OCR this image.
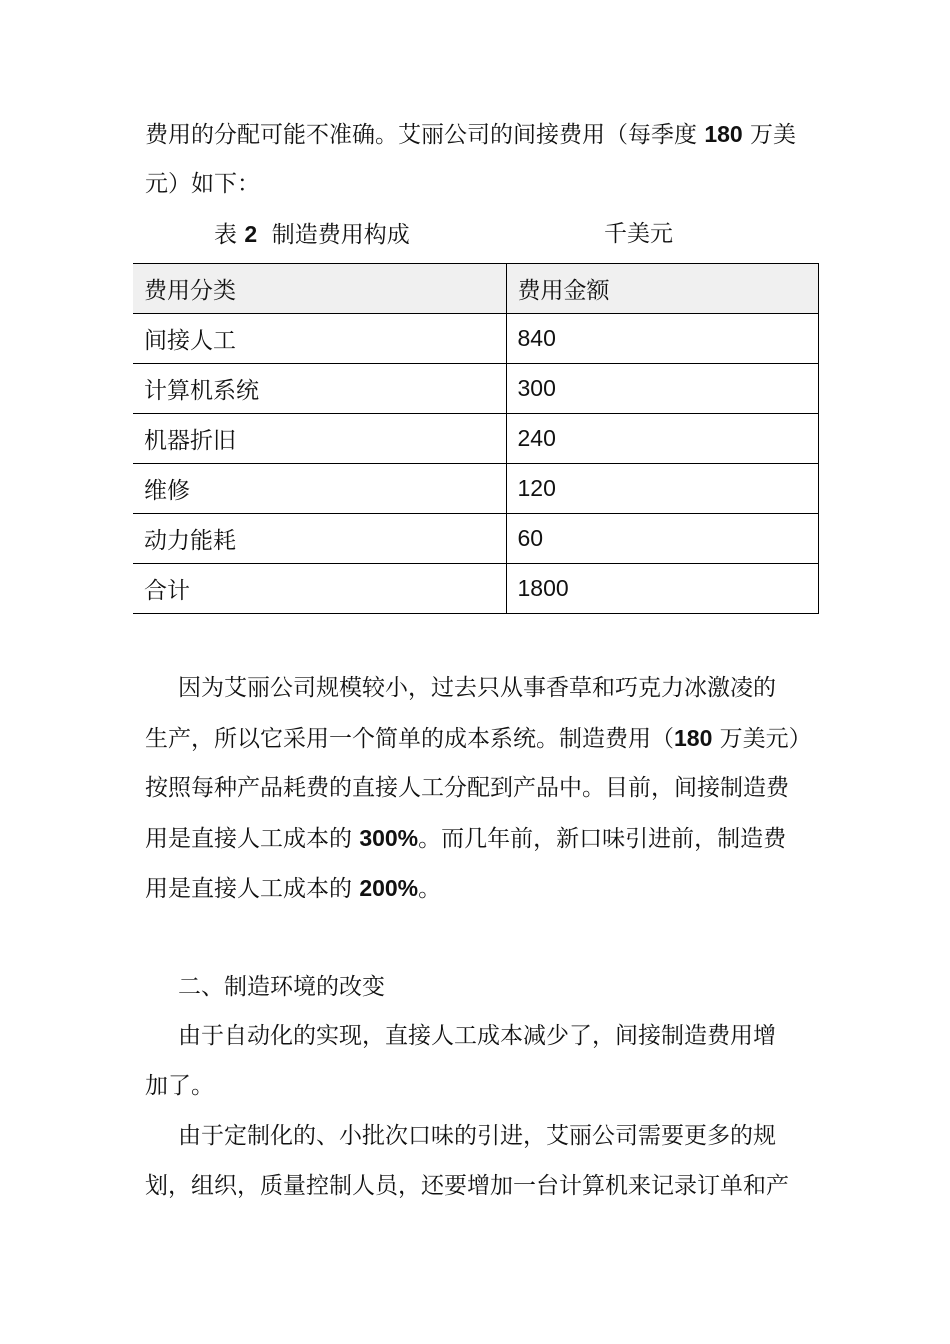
费用的分配可能不准确。艾丽公司的间接费用（每季度 180 万美

元）如下：

表 2  制造费用构成	千美元
费用分类	费用金额
间接人工	840
计算机系统	300
机器折旧	240
维修	120
动力能耗	60
合计	1800

因为艾丽公司规模较小，过去只从事香草和巧克力冰激凌的

生产，所以它采用一个简单的成本系统。制造费用（180 万美元）

按照每种产品耗费的直接人工分配到产品中。目前，间接制造费

用是直接人工成本的 300%。而几年前，新口味引进前，制造费

用是直接人工成本的 200%。

二、制造环境的改变

由于自动化的实现，直接人工成本减少了，间接制造费用增

加了。

由于定制化的、小批次口味的引进，艾丽公司需要更多的规

划，组织，质量控制人员，还要增加一台计算机来记录订单和产
